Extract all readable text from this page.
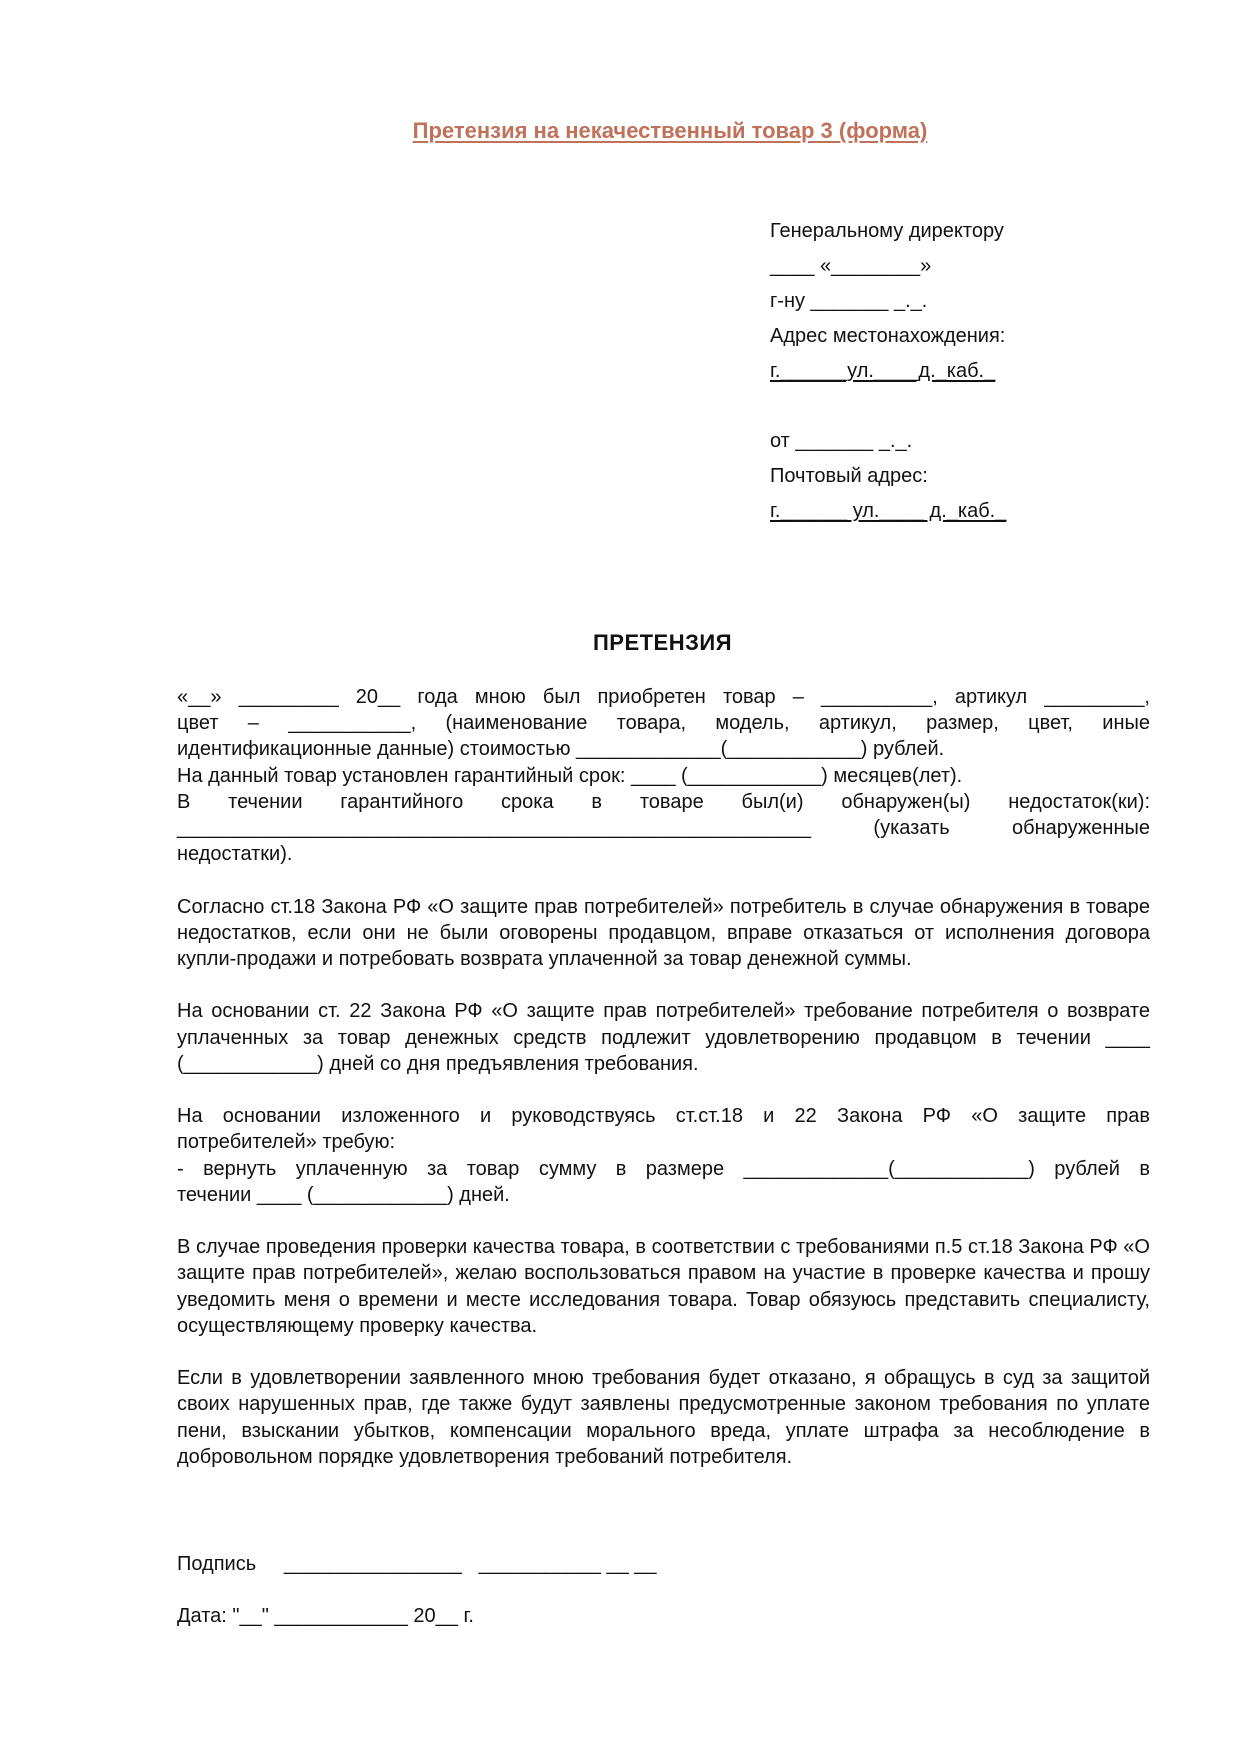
Претензия на некачественный товар 3 (форма)
Генеральному директору
____ «________»
г-ну _______ _._.
Адрес местонахождения:
г.______ул.____д._каб._
от _______ _._.
Почтовый адрес:
г.______ ул.____ д._каб._
ПРЕТЕНЗИЯ

«__» _________ 20__ года мною был приобретен товар – __________, артикул _________,
цвет – ___________, (наименование товара, модель, артикул, размер, цвет, иные
идентификационные данные) стоимостью _____________(____________) рублей.
На данный товар установлен гарантийный срок: ____ (____________) месяцев(лет).
В течении гарантийного срока в товаре был(и) обнаружен(ы) недостаток(ки):
_________________________________________________________ (указать обнаруженные
недостатки).

Согласно ст.18 Закона РФ «О защите прав потребителей» потребитель в случае обнаружения в товаре недостатков, если они не были оговорены продавцом, вправе отказаться от исполнения договора купли-продажи и потребовать возврата уплаченной за товар денежной суммы.

На основании ст. 22 Закона РФ «О защите прав потребителей» требование потребителя о возврате уплаченных за товар денежных средств подлежит удовлетворению продавцом в течении ____ (____________) дней со дня предъявления требования.

На основании изложенного и руководствуясь ст.ст.18 и 22 Закона РФ «О защите прав
потребителей» требую:
- вернуть уплаченную за товар сумму в размере _____________(____________) рублей в
течении ____ (____________) дней.

В случае проведения проверки качества товара, в соответствии с требованиями п.5 ст.18 Закона РФ «О защите прав потребителей», желаю воспользоваться правом на участие в проверке качества и прошу уведомить меня о времени и месте исследования товара. Товар обязуюсь представить специалисту, осуществляющему проверку качества.

Если в удовлетворении заявленного мною требования будет отказано, я обращусь в суд за защитой своих нарушенных прав, где также будут заявлены предусмотренные законом требования по уплате пени, взыскании убытков, компенсации морального вреда, уплате штрафа за несоблюдение в добровольном порядке удовлетворения требований потребителя.

Подпись     ________________   ___________ __ __
Дата: "__" ____________ 20__ г.
